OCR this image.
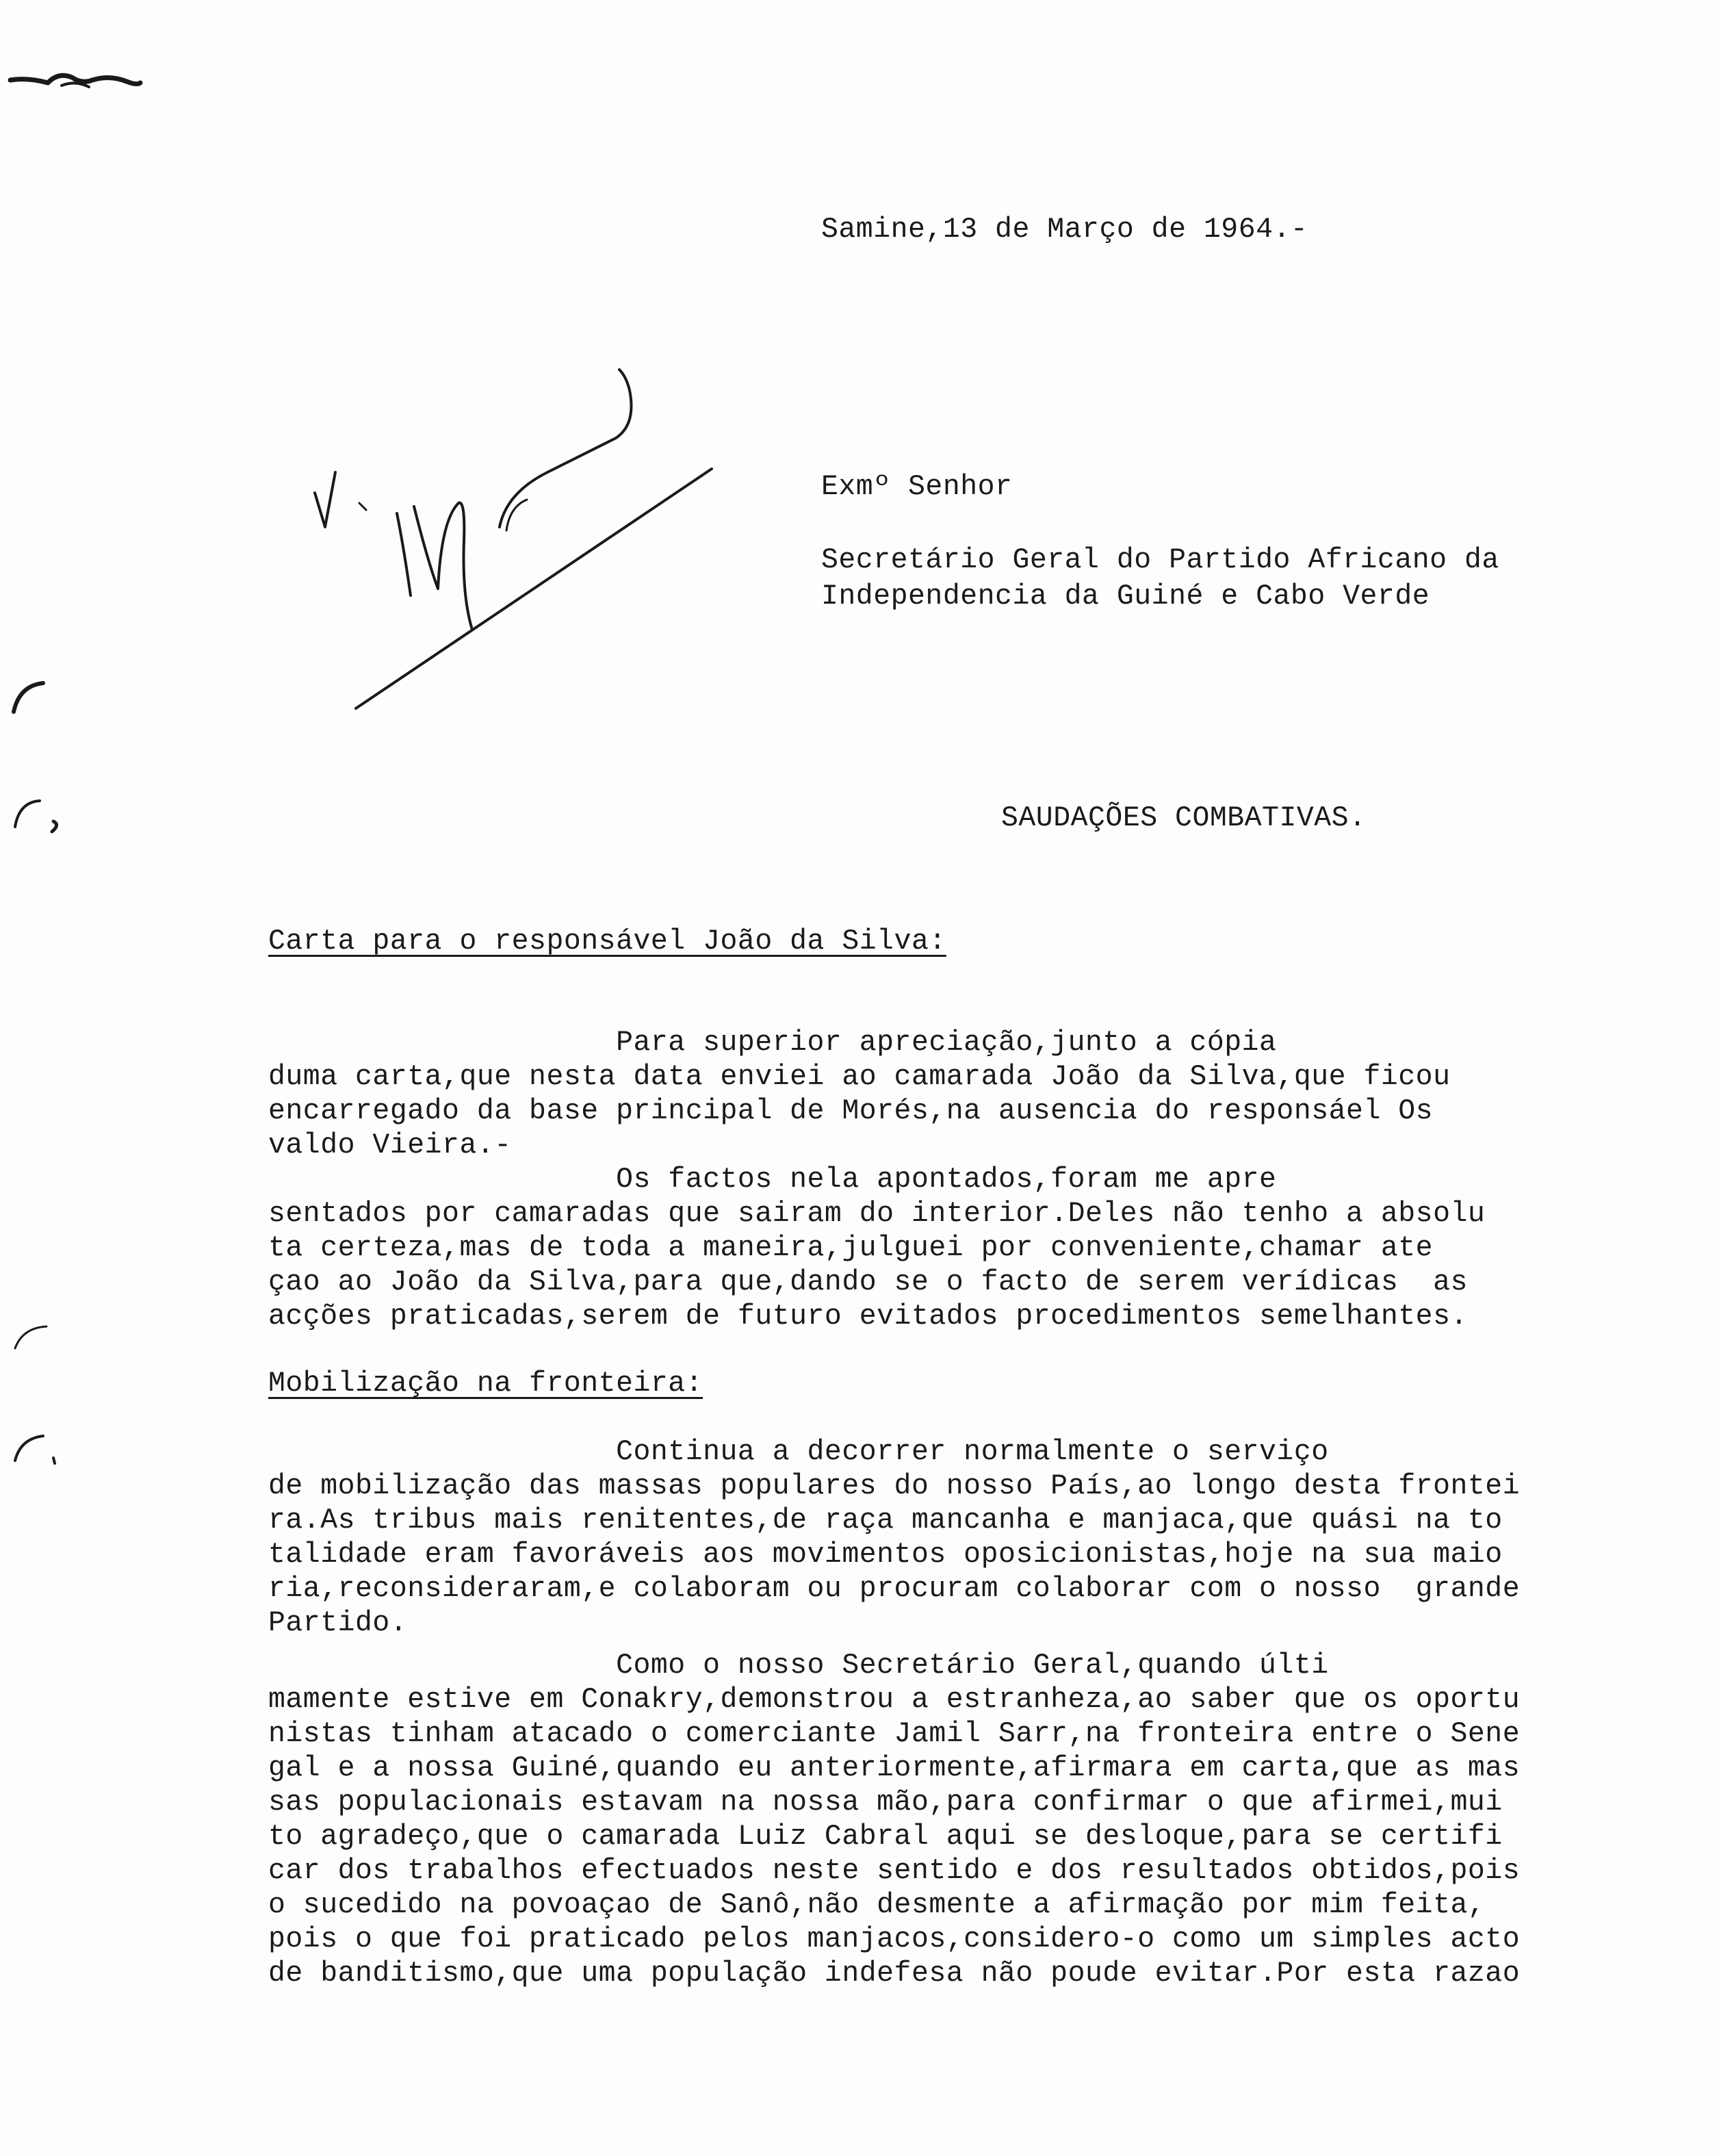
Samine,13 de Março de 1964.-
Exmº Senhor
Secretário Geral do Partido Africano da
Independencia da Guiné e Cabo Verde
SAUDAÇÕES COMBATIVAS.
Carta para o responsável João da Silva:
Para superior apreciação,junto a cópia
duma carta,que nesta data enviei ao camarada João da Silva,que ficou
encarregado da base principal de Morés,na ausencia do responsáel Os
valdo Vieira.-
Os factos nela apontados,foram me apre
sentados por camaradas que sairam do interior.Deles não tenho a absolu
ta certeza,mas de toda a maneira,julguei por conveniente,chamar ate
çao ao João da Silva,para que,dando se o facto de serem verídicas  as
acções praticadas,serem de futuro evitados procedimentos semelhantes.
Mobilização na fronteira:
Continua a decorrer normalmente o serviço
de mobilização das massas populares do nosso País,ao longo desta frontei
ra.As tribus mais renitentes,de raça mancanha e manjaca,que quási na to
talidade eram favoráveis aos movimentos oposicionistas,hoje na sua maio
ria,reconsideraram,e colaboram ou procuram colaborar com o nosso  grande
Partido.
Como o nosso Secretário Geral,quando últi
mamente estive em Conakry,demonstrou a estranheza,ao saber que os oportu
nistas tinham atacado o comerciante Jamil Sarr,na fronteira entre o Sene
gal e a nossa Guiné,quando eu anteriormente,afirmara em carta,que as mas
sas populacionais estavam na nossa mão,para confirmar o que afirmei,mui
to agradeço,que o camarada Luiz Cabral aqui se desloque,para se certifi
car dos trabalhos efectuados neste sentido e dos resultados obtidos,pois
o sucedido na povoaçao de Sanô,não desmente a afirmação por mim feita,
pois o que foi praticado pelos manjacos,considero-o como um simples acto
de banditismo,que uma população indefesa não poude evitar.Por esta razao
